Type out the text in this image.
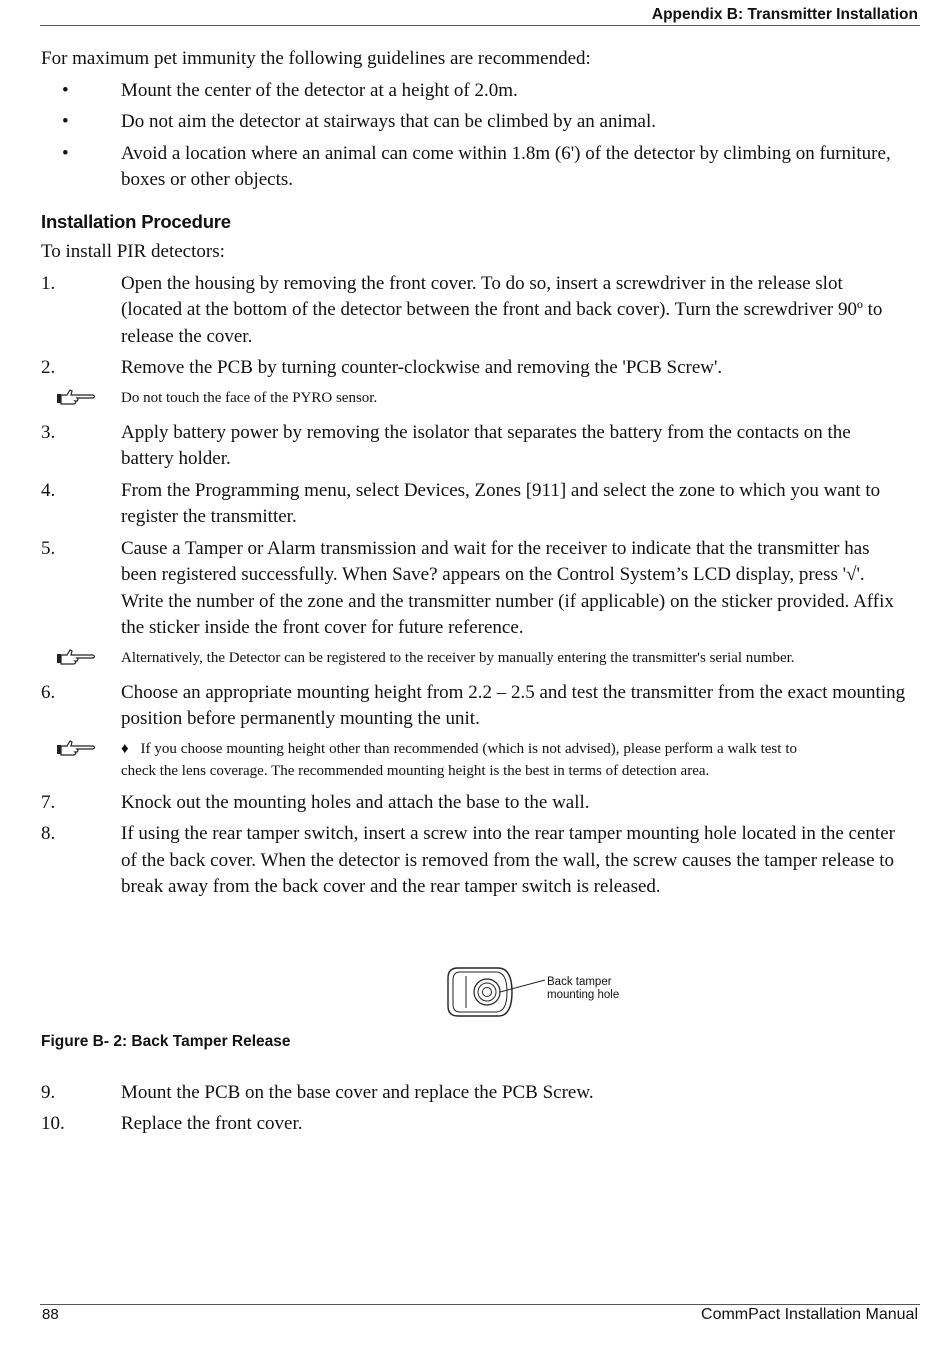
Appendix B: Transmitter Installation

For maximum pet immunity the following guidelines are recommended:

•	Mount the center of the detector at a height of 2.0m.
•	Do not aim the detector at stairways that can be climbed by an animal.
•	Avoid a location where an animal can come within 1.8m (6') of the detector by climbing on furniture, boxes or other objects.
Installation Procedure

To install PIR detectors:

1.	Open the housing by removing the front cover. To do so, insert a screwdriver in the release slot (located at the bottom of the detector between the front and back cover). Turn the screwdriver 90º to release the cover.
2.	Remove the PCB by turning counter-clockwise and removing the 'PCB Screw'.
Do not touch the face of the PYRO sensor.
3.	Apply battery power by removing the isolator that separates the battery from the contacts on the battery holder.
4.	From the Programming menu, select Devices, Zones [911] and select the zone to which you want to register the transmitter.
5.	Cause a Tamper or Alarm transmission and wait for the receiver to indicate that the transmitter has been registered successfully. When Save? appears on the Control System’s LCD display, press '√'. Write the number of the zone and the transmitter number (if applicable) on the sticker provided. Affix the sticker inside the front cover for future reference.
Alternatively, the Detector can be registered to the receiver by manually entering the transmitter's serial number.
6.	Choose an appropriate mounting height from 2.2 – 2.5 and test the transmitter from the exact mounting position before permanently mounting the unit.
♦   If you choose mounting height other than recommended (which is not advised), please perform a walk test to check the lens coverage. The recommended mounting height is the best in terms of detection area.
7.	Knock out the mounting holes and attach the base to the wall.
8.	If using the rear tamper switch, insert a screw into the rear tamper mounting hole located in the center of the back cover. When the detector is removed from the wall, the screw causes the tamper release to break away from the back cover and the rear tamper switch is released.
Back tamper
mounting hole
Figure B- 2: Back Tamper Release
9.	Mount the PCB on the base cover and replace the PCB Screw.
10.	Replace the front cover.
88	CommPact Installation Manual
